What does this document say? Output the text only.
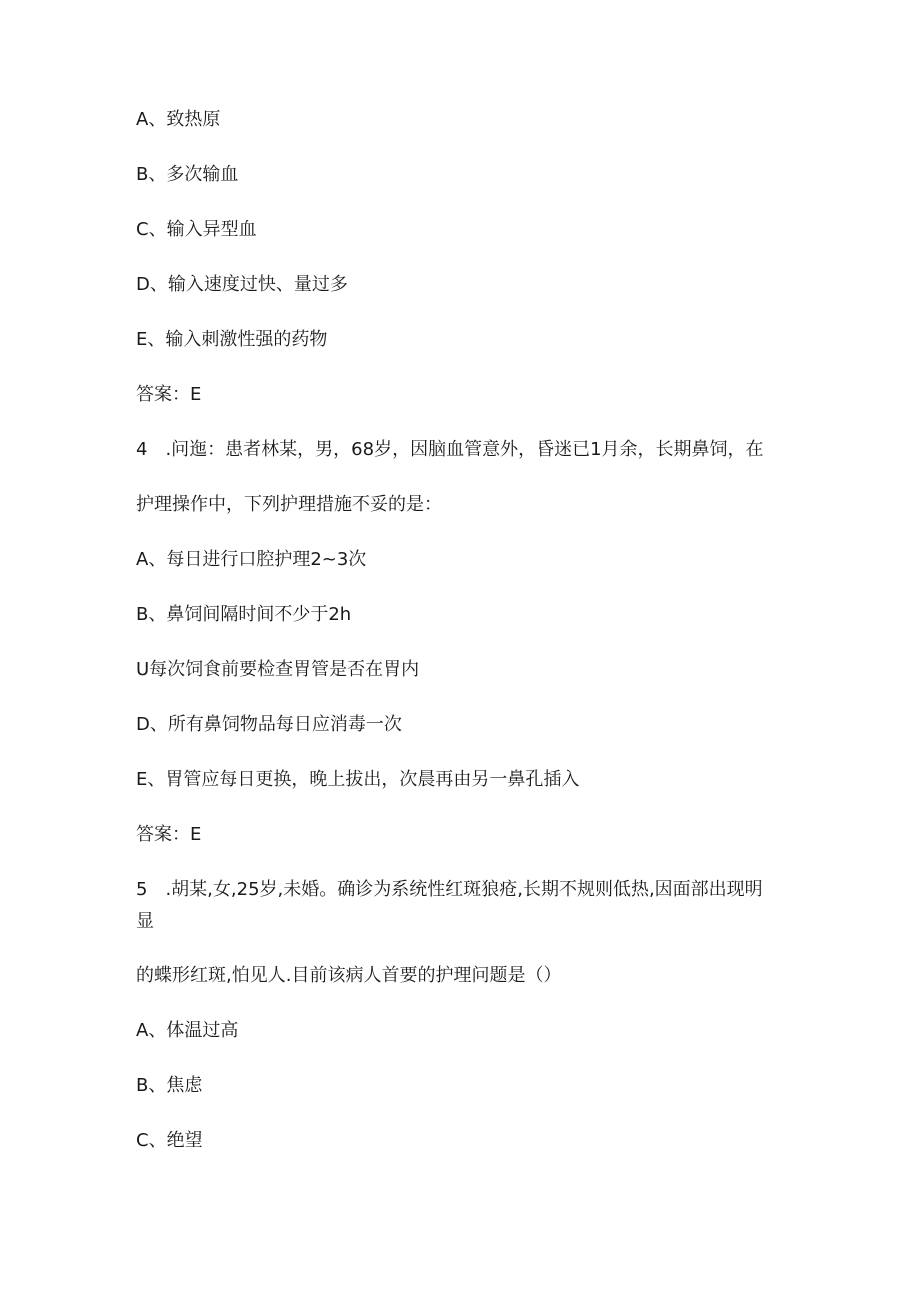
A、致热原
B、多次输血
C、输入异型血
D、输入速度过快、量过多
E、输入刺激性强的药物
答案：E
4　.问迤：患者林某，男，68岁，因脑血管意外，昏迷已1月余，长期鼻饲，在
护理操作中，下列护理措施不妥的是：
A、每日进行口腔护理2~3次
B、鼻饲间隔时间不少于2h
U每次饲食前要检查胃管是否在胃内
D、所有鼻饲物品每日应消毒一次
E、胃管应每日更换，晚上拔出，次晨再由另一鼻孔插入
答案：E
5　.胡某,女,25岁,未婚。确诊为系统性红斑狼疮,长期不规则低热,因面部出现明
显
的蝶形红斑,怕见人.目前该病人首要的护理问题是（）
A、体温过高
B、焦虑
C、绝望
